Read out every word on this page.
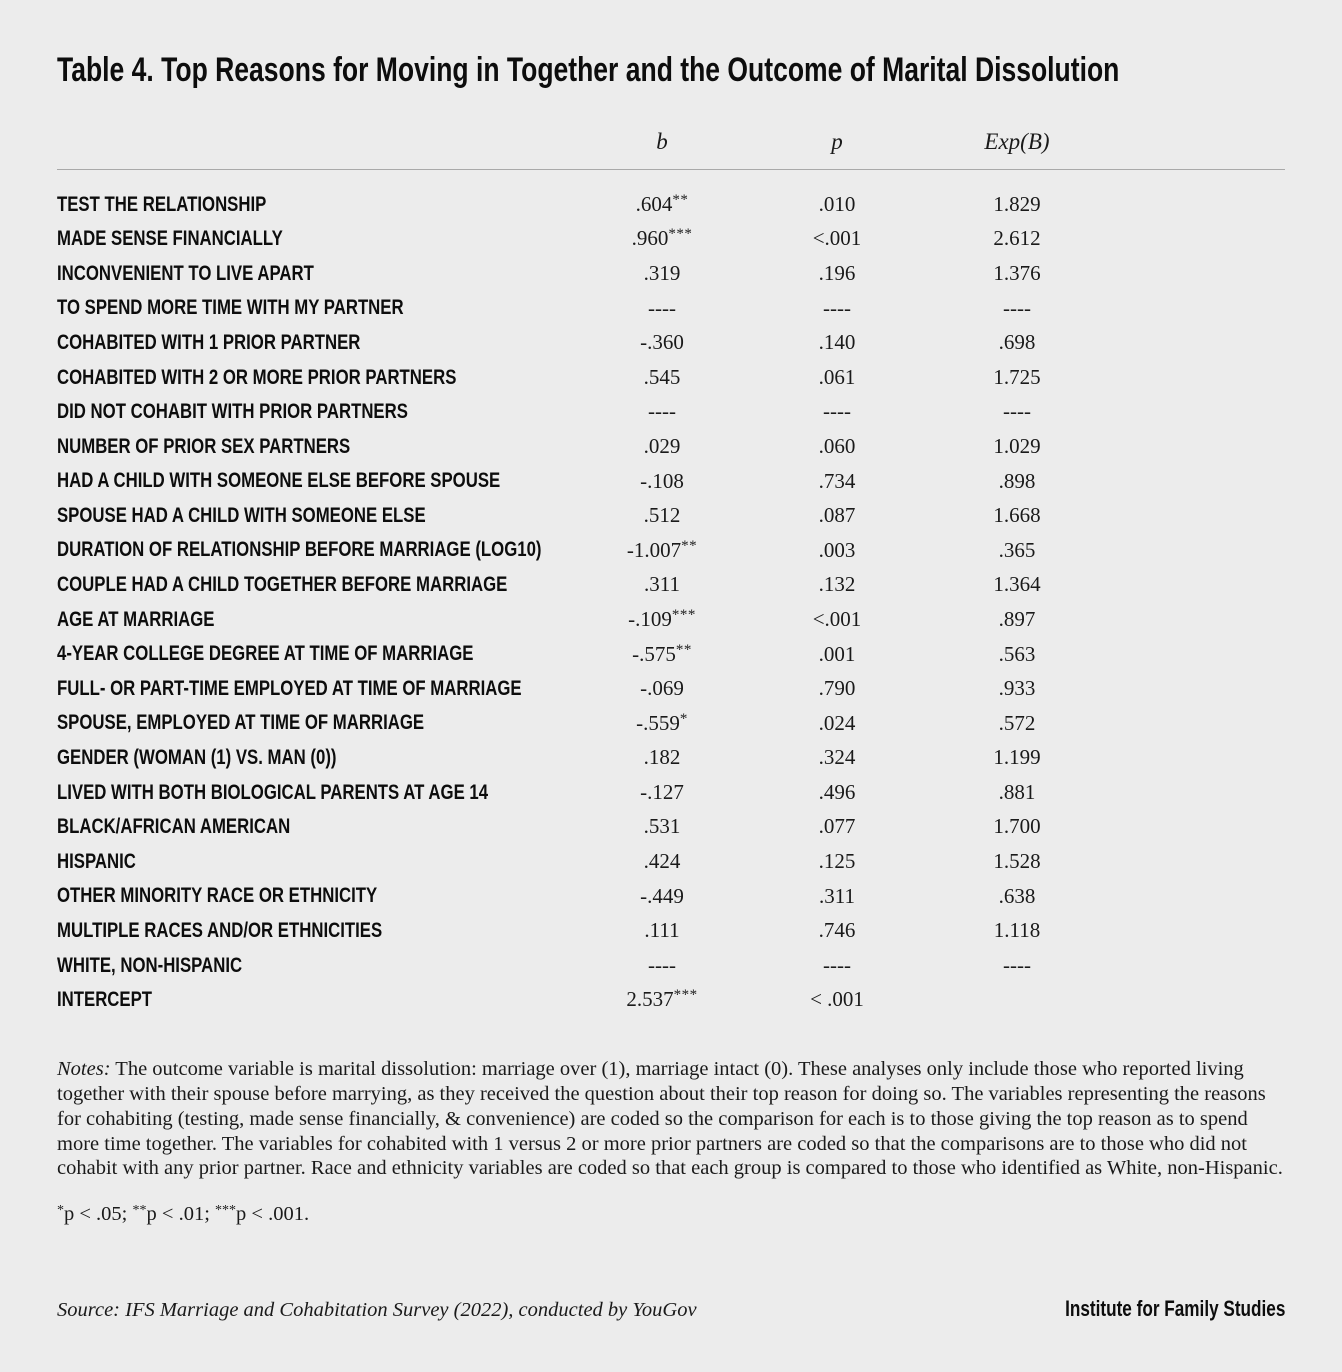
Table 4. Top Reasons for Moving in Together and the Outcome of Marital Dissolution
b	p	Exp(B)
TEST THE RELATIONSHIP	.604**	.010	1.829
MADE SENSE FINANCIALLY	.960***	<.001	2.612
INCONVENIENT TO LIVE APART	.319	.196	1.376
TO SPEND MORE TIME WITH MY PARTNER	----	----	----
COHABITED WITH 1 PRIOR PARTNER	-.360	.140	.698
COHABITED WITH 2 OR MORE PRIOR PARTNERS	.545	.061	1.725
DID NOT COHABIT WITH PRIOR PARTNERS	----	----	----
NUMBER OF PRIOR SEX PARTNERS	.029	.060	1.029
HAD A CHILD WITH SOMEONE ELSE BEFORE SPOUSE	-.108	.734	.898
SPOUSE HAD A CHILD WITH SOMEONE ELSE	.512	.087	1.668
DURATION OF RELATIONSHIP BEFORE MARRIAGE (LOG10)	-1.007**	.003	.365
COUPLE HAD A CHILD TOGETHER BEFORE MARRIAGE	.311	.132	1.364
AGE AT MARRIAGE	-.109***	<.001	.897
4-YEAR COLLEGE DEGREE AT TIME OF MARRIAGE	-.575**	.001	.563
FULL- OR PART-TIME EMPLOYED AT TIME OF MARRIAGE	-.069	.790	.933
SPOUSE, EMPLOYED AT TIME OF MARRIAGE	-.559*	.024	.572
GENDER (WOMAN (1) VS. MAN (0))	.182	.324	1.199
LIVED WITH BOTH BIOLOGICAL PARENTS AT AGE 14	-.127	.496	.881
BLACK/AFRICAN AMERICAN	.531	.077	1.700
HISPANIC	.424	.125	1.528
OTHER MINORITY RACE OR ETHNICITY	-.449	.311	.638
MULTIPLE RACES AND/OR ETHNICITIES	.111	.746	1.118
WHITE, NON-HISPANIC	----	----	----
INTERCEPT	2.537***	< .001

Notes: The outcome variable is marital dissolution: marriage over (1), marriage intact (0). These analyses only include those who reported living together with their spouse before marrying, as they received the question about their top reason for doing so. The variables representing the reasons for cohabiting (testing, made sense financially, & convenience) are coded so the comparison for each is to those giving the top reason as to spend more time together. The variables for cohabited with 1 versus 2 or more prior partners are coded so that the comparisons are to those who did not cohabit with any prior partner. Race and ethnicity variables are coded so that each group is compared to those who identified as White, non-Hispanic.

*p < .05; **p < .01; ***p < .001.

Source: IFS Marriage and Cohabitation Survey (2022), conducted by YouGov	Institute for Family Studies
